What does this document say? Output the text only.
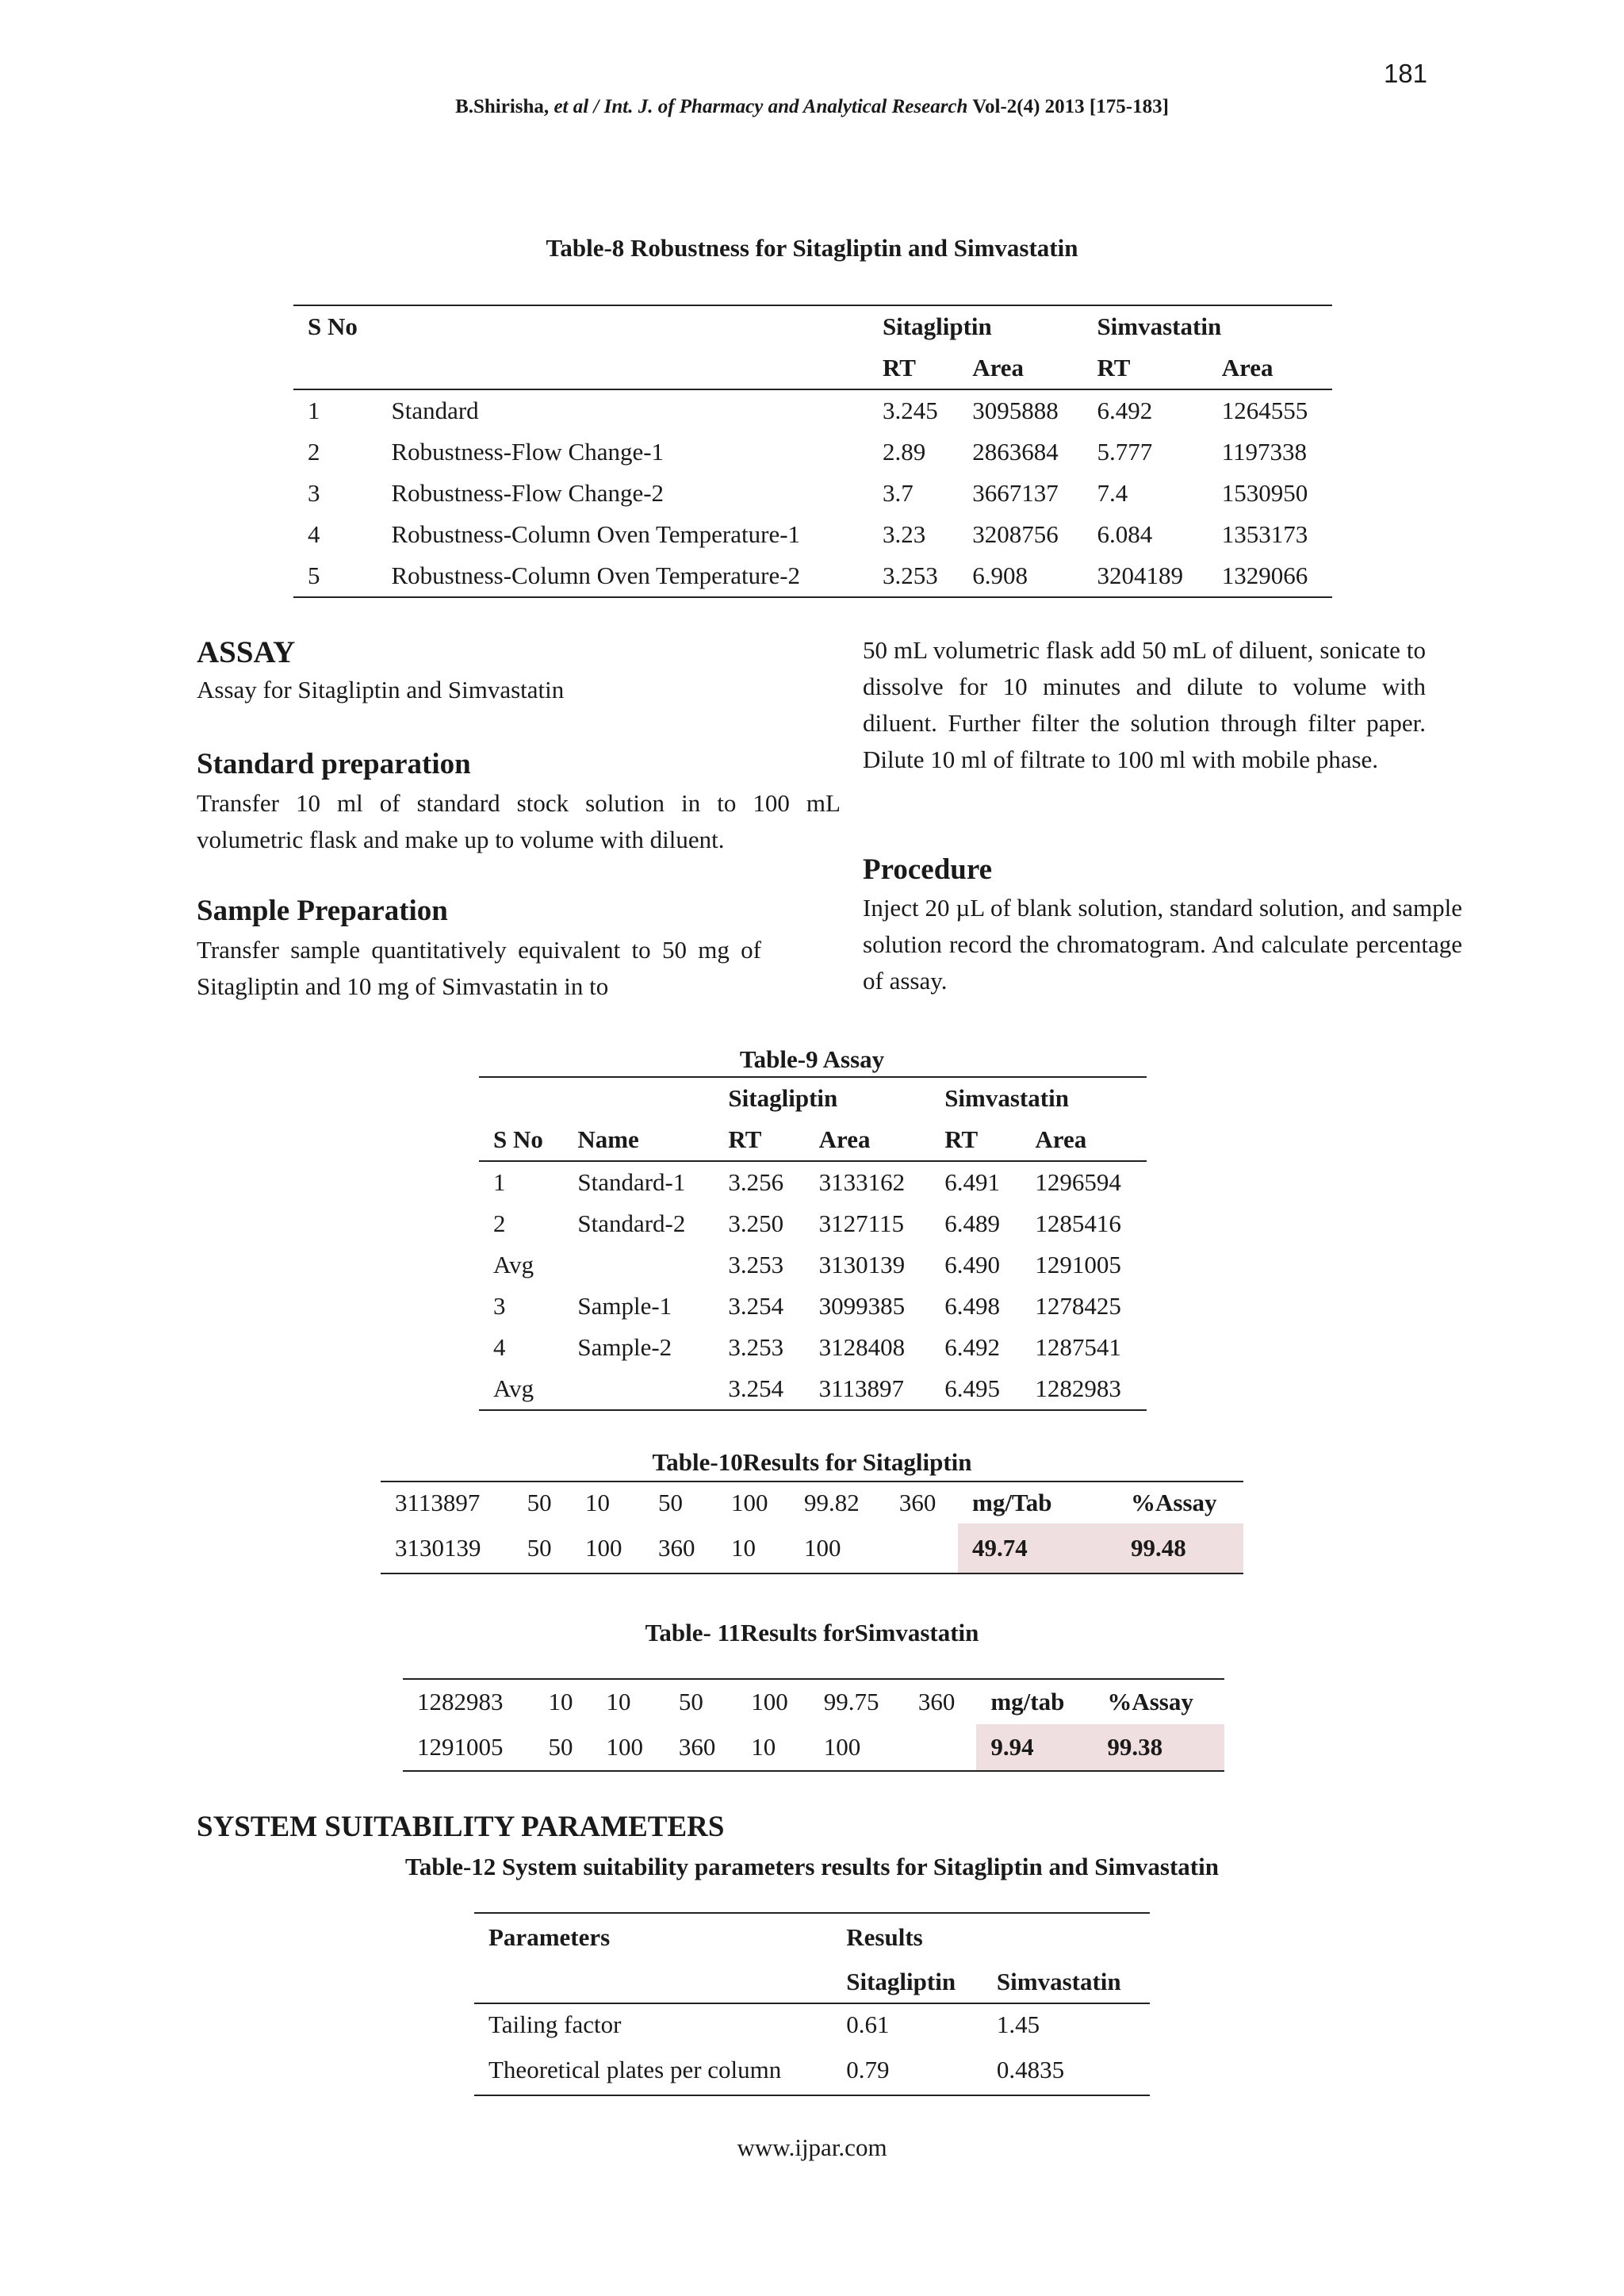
181
B.Shirisha, et al / Int. J. of Pharmacy and Analytical Research Vol-2(4) 2013 [175-183]
Table-8 Robustness for Sitagliptin and Simvastatin
S No		Sitagliptin		Simvastatin	
		RT	Area	RT	Area
1	Standard	3.245	3095888	6.492	1264555
2	Robustness-Flow Change-1	2.89	2863684	5.777	1197338
3	Robustness-Flow Change-2	3.7	3667137	7.4	1530950
4	Robustness-Column Oven Temperature-1	3.23	3208756	6.084	1353173
5	Robustness-Column Oven Temperature-2	3.253	6.908	3204189	1329066
ASSAY
Assay for Sitagliptin and Simvastatin
Standard preparation
Transfer 10 ml of standard stock solution in to 100 mL volumetric flask and make up to volume with diluent.
Sample Preparation
Transfer sample quantitatively equivalent to 50 mg of Sitagliptin and 10 mg of Simvastatin in to
50 mL volumetric flask add 50 mL of diluent, sonicate to dissolve for 10 minutes and dilute to volume with diluent. Further filter the solution through filter paper. Dilute 10 ml of filtrate to 100 ml with mobile phase.
Procedure
Inject 20 µL of blank solution, standard solution, and sample solution record the chromatogram. And calculate percentage of assay.
Table-9 Assay
		Sitagliptin		Simvastatin	
S No	Name	RT	Area	RT	Area
1	Standard-1	3.256	3133162	6.491	1296594
2	Standard-2	3.250	3127115	6.489	1285416
Avg		3.253	3130139	6.490	1291005
3	Sample-1	3.254	3099385	6.498	1278425
4	Sample-2	3.253	3128408	6.492	1287541
Avg		3.254	3113897	6.495	1282983
Table-10Results for Sitagliptin
3113897	50	10	50	100	99.82	360	mg/Tab	%Assay
3130139	50	100	360	10	100		49.74	99.48
Table- 11Results forSimvastatin
1282983	10	10	50	100	99.75	360	mg/tab	%Assay
1291005	50	100	360	10	100		9.94	99.38
SYSTEM SUITABILITY PARAMETERS
Table-12 System suitability parameters results for Sitagliptin and Simvastatin
Parameters	Results	
	Sitagliptin	Simvastatin
Tailing factor	0.61	1.45
Theoretical plates per column	0.79	0.4835
www.ijpar.com
